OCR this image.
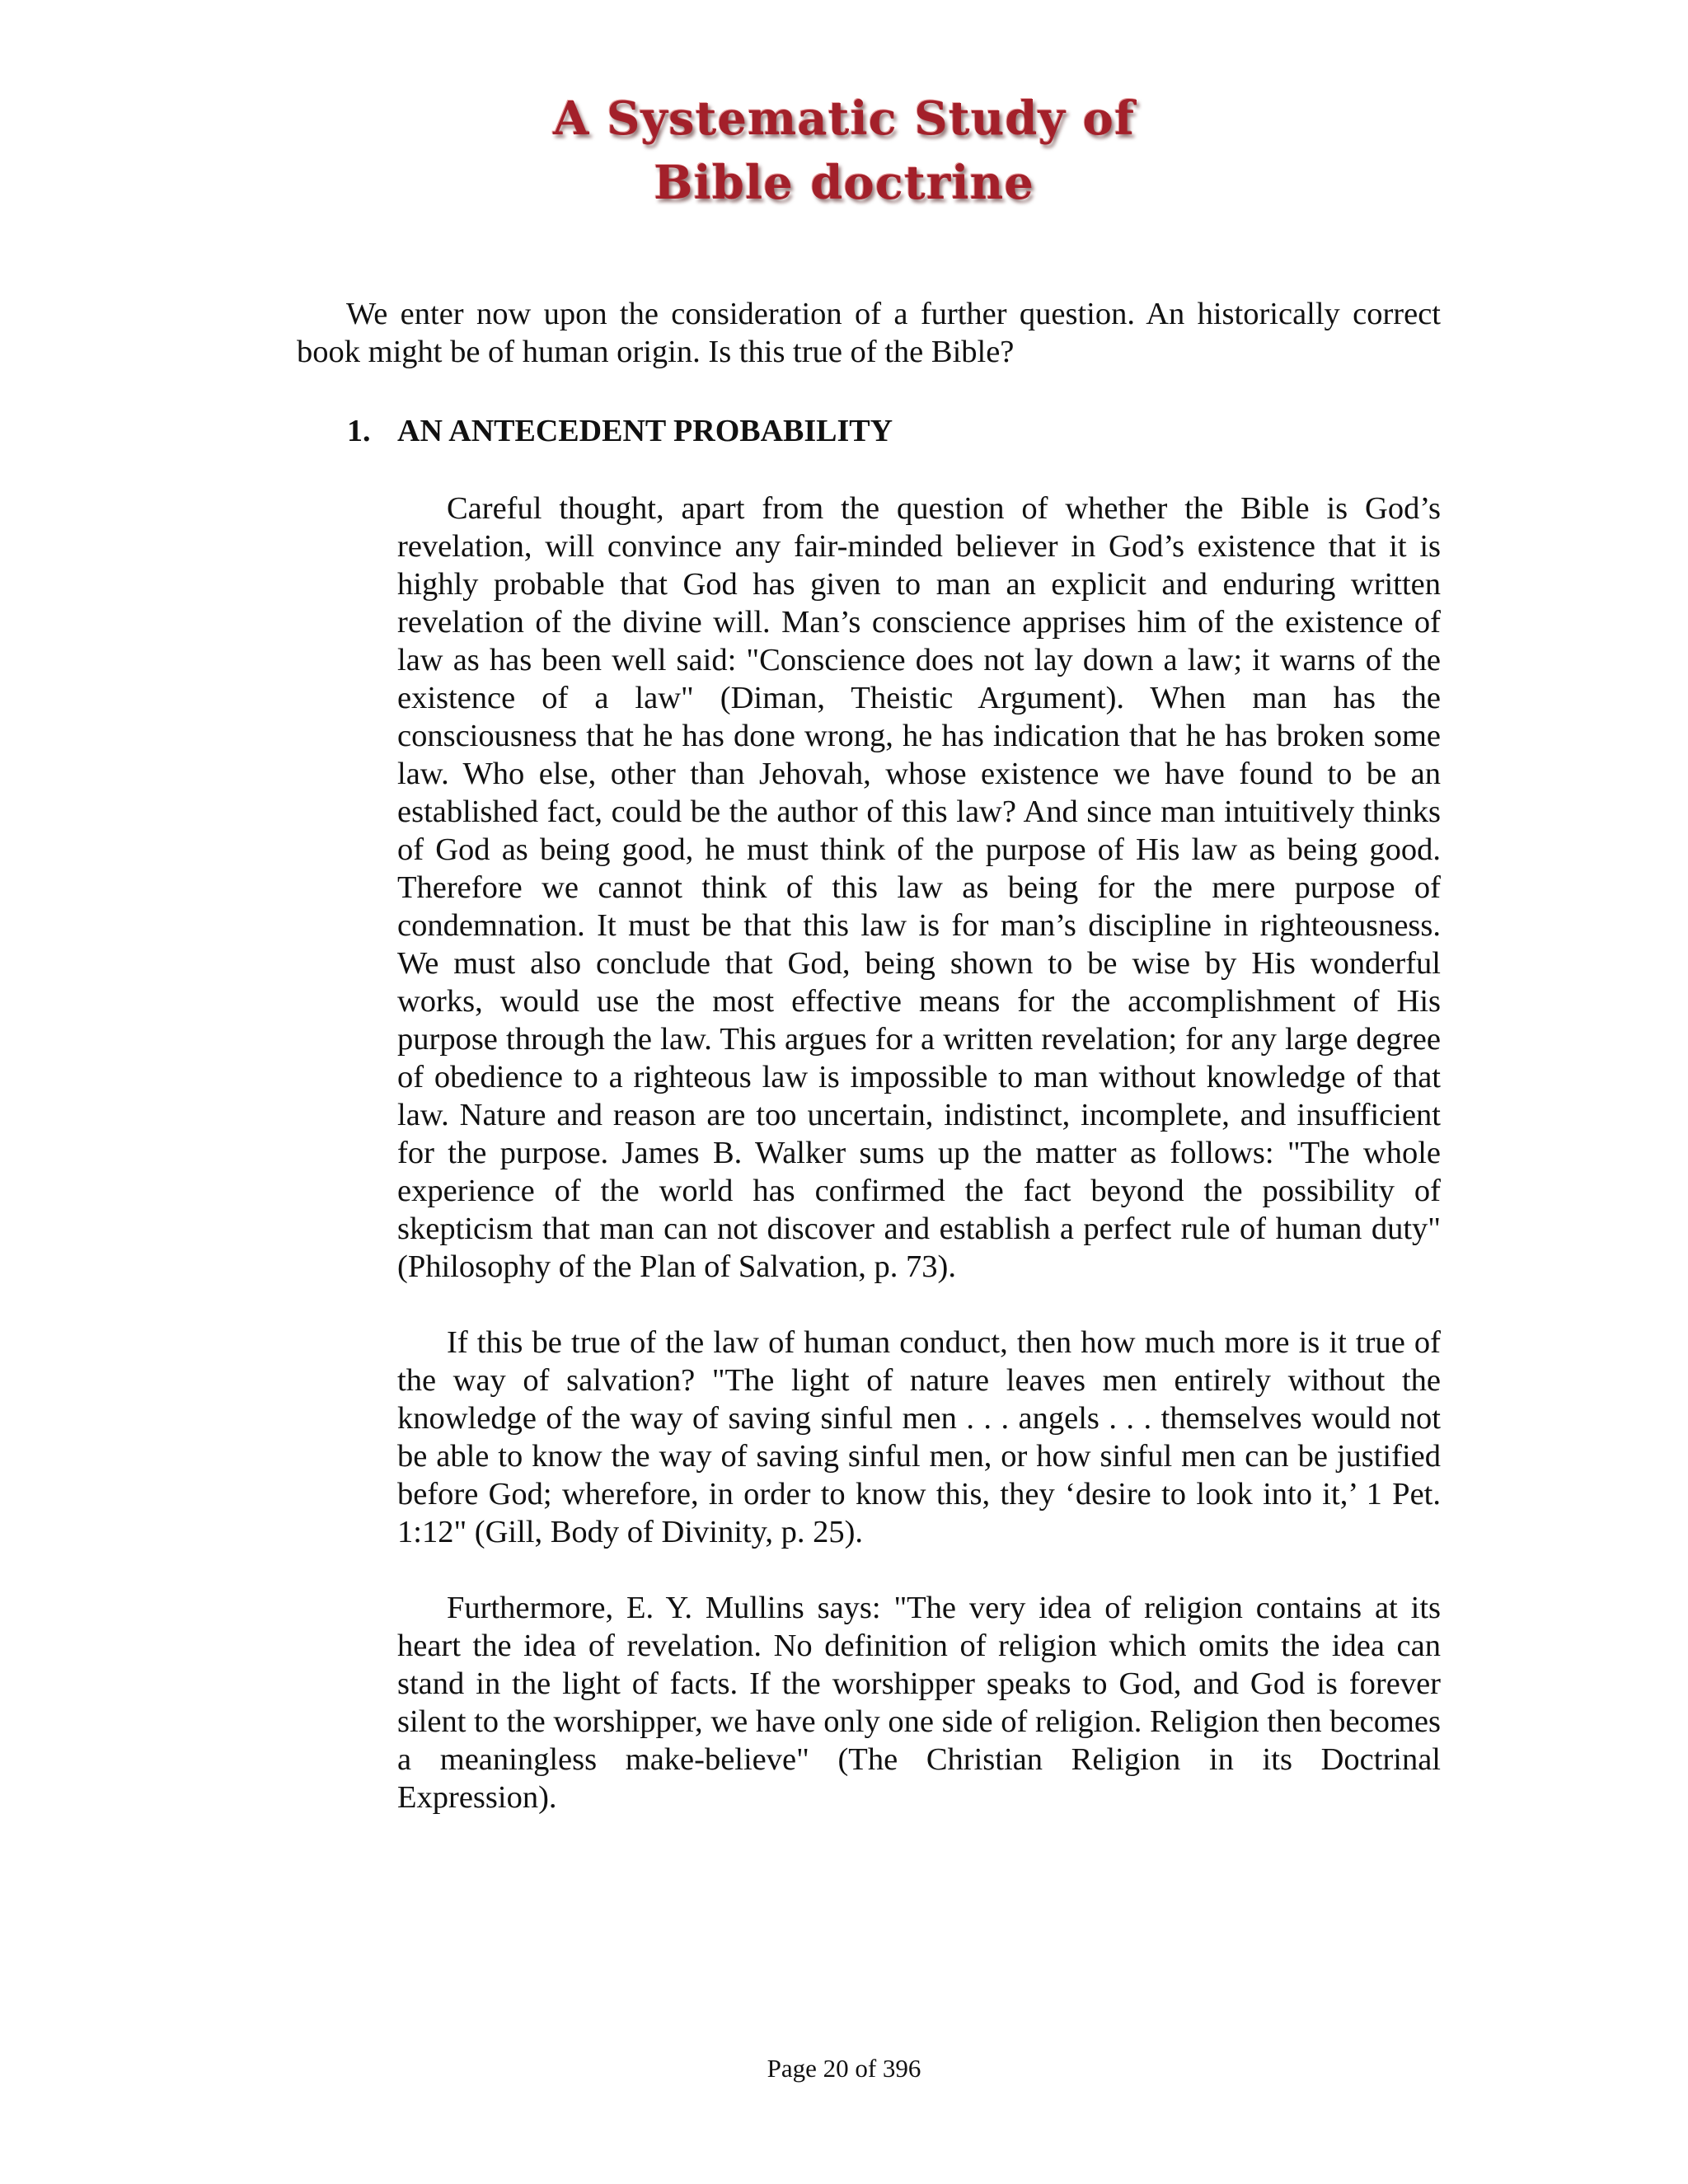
A Systematic Study of
Bible doctrine

We enter now upon the consideration of a further question. An historically correct book might be of human origin. Is this true of the Bible?

1. AN ANTECEDENT PROBABILITY

Careful thought, apart from the question of whether the Bible is God’s revelation, will convince any fair-minded believer in God’s existence that it is highly probable that God has given to man an explicit and enduring written revelation of the divine will. Man’s conscience apprises him of the existence of law as has been well said: "Conscience does not lay down a law; it warns of the existence of a law" (Diman, Theistic Argument). When man has the consciousness that he has done wrong, he has indication that he has broken some law. Who else, other than Jehovah, whose existence we have found to be an established fact, could be the author of this law? And since man intuitively thinks of God as being good, he must think of the purpose of His law as being good. Therefore we cannot think of this law as being for the mere purpose of condemnation. It must be that this law is for man’s discipline in righteousness. We must also conclude that God, being shown to be wise by His wonderful works, would use the most effective means for the accomplishment of His purpose through the law. This argues for a written revelation; for any large degree of obedience to a righteous law is impossible to man without knowledge of that law. Nature and reason are too uncertain, indistinct, incomplete, and insufficient for the purpose. James B. Walker sums up the matter as follows: "The whole experience of the world has confirmed the fact beyond the possibility of skepticism that man can not discover and establish a perfect rule of human duty" (Philosophy of the Plan of Salvation, p. 73).

If this be true of the law of human conduct, then how much more is it true of the way of salvation? "The light of nature leaves men entirely without the knowledge of the way of saving sinful men . . . angels . . . themselves would not be able to know the way of saving sinful men, or how sinful men can be justified before God; wherefore, in order to know this, they ‘desire to look into it,’ 1 Pet. 1:12" (Gill, Body of Divinity, p. 25).

Furthermore, E. Y. Mullins says: "The very idea of religion contains at its heart the idea of revelation. No definition of religion which omits the idea can stand in the light of facts. If the worshipper speaks to God, and God is forever silent to the worshipper, we have only one side of religion. Religion then becomes a meaningless make-believe" (The Christian Religion in its Doctrinal Expression).

Page 20 of 396
